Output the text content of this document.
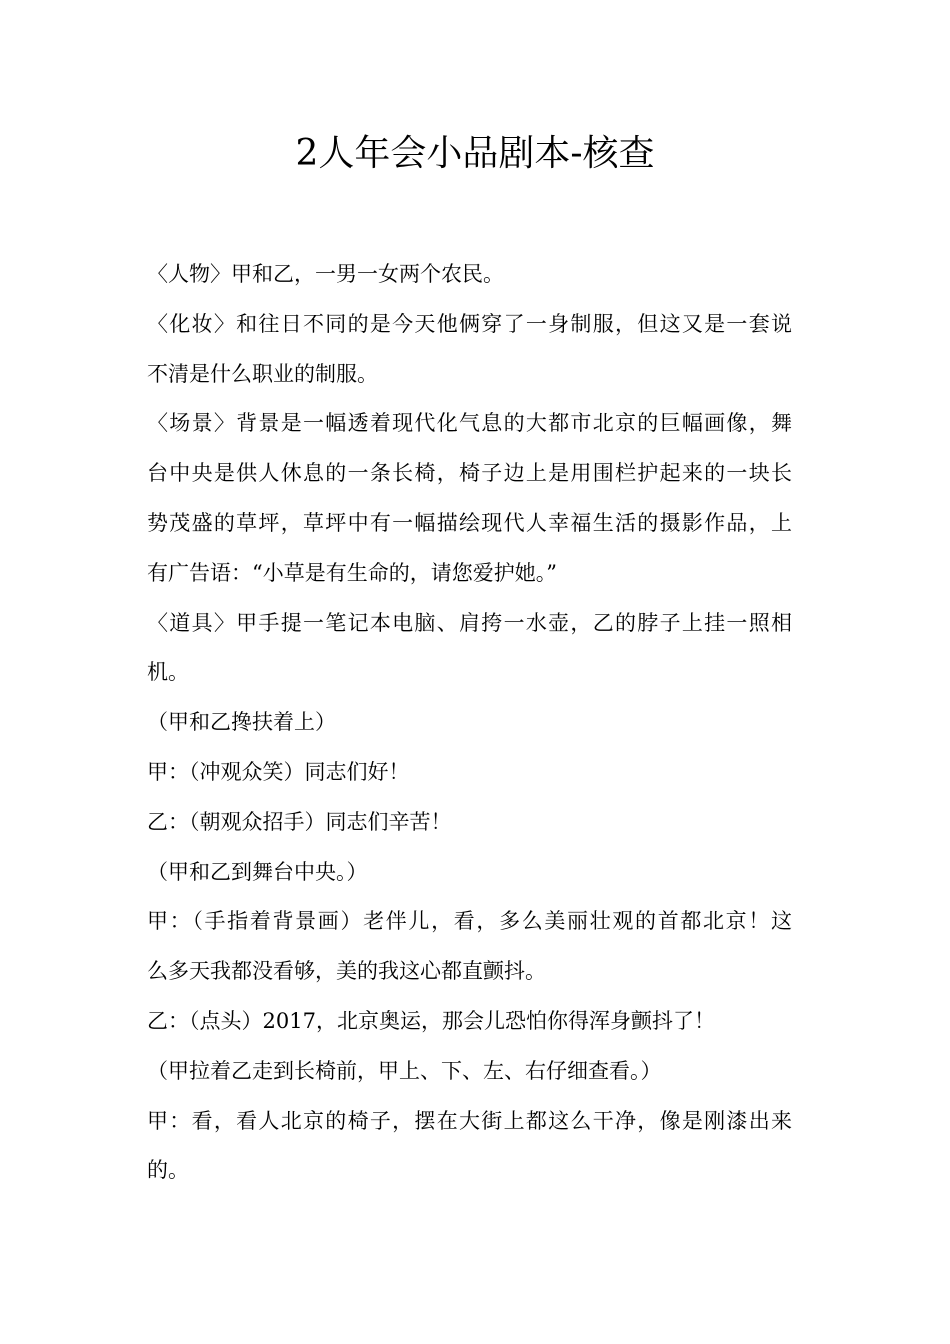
2人年会小品剧本-核查
〈人物〉甲和乙，一男一女两个农民。
〈化妆〉和往日不同的是今天他俩穿了一身制服，但这又是一套说
不清是什么职业的制服。
〈场景〉背景是一幅透着现代化气息的大都市北京的巨幅画像，舞
台中央是供人休息的一条长椅，椅子边上是用围栏护起来的一块长
势茂盛的草坪，草坪中有一幅描绘现代人幸福生活的摄影作品，上
有广告语：“小草是有生命的，请您爱护她。”
〈道具〉甲手提一笔记本电脑、肩挎一水壶，乙的脖子上挂一照相
机。
（甲和乙搀扶着上）
甲：（冲观众笑）同志们好！
乙：（朝观众招手）同志们辛苦！
（甲和乙到舞台中央。）
甲：（手指着背景画）老伴儿，看，多么美丽壮观的首都北京！这
么多天我都没看够，美的我这心都直颤抖。
乙：（点头）2017，北京奥运，那会儿恐怕你得浑身颤抖了！
（甲拉着乙走到长椅前，甲上、下、左、右仔细查看。）
甲：看，看人北京的椅子，摆在大街上都这么干净，像是刚漆出来
的。
